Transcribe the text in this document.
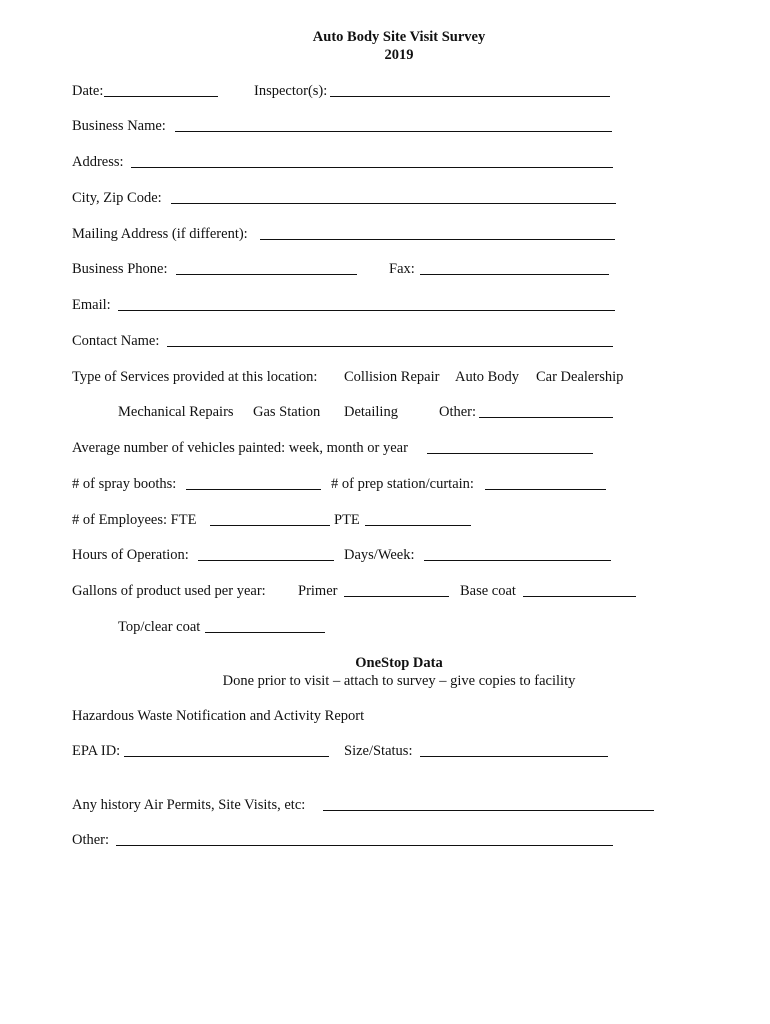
Auto Body Site Visit Survey
2019
Date:	Inspector(s):
Business Name:
Address:
City, Zip Code:
Mailing Address (if different):
Business Phone:	Fax:
Email:
Contact Name:
Type of Services provided at this location: Collision Repair Auto Body Car Dealership
Mechanical Repairs Gas Station Detailing	Other:
Average number of vehicles painted: week, month or year
# of spray booths:	# of prep station/curtain:
# of Employees: FTE	PTE
Hours of Operation:	Days/Week:
Gallons of product used per year: Primer	Base coat
Top/clear coat
OneStop Data
Done prior to visit – attach to survey – give copies to facility
Hazardous Waste Notification and Activity Report
EPA ID:	Size/Status:
Any history Air Permits, Site Visits, etc:
Other:
